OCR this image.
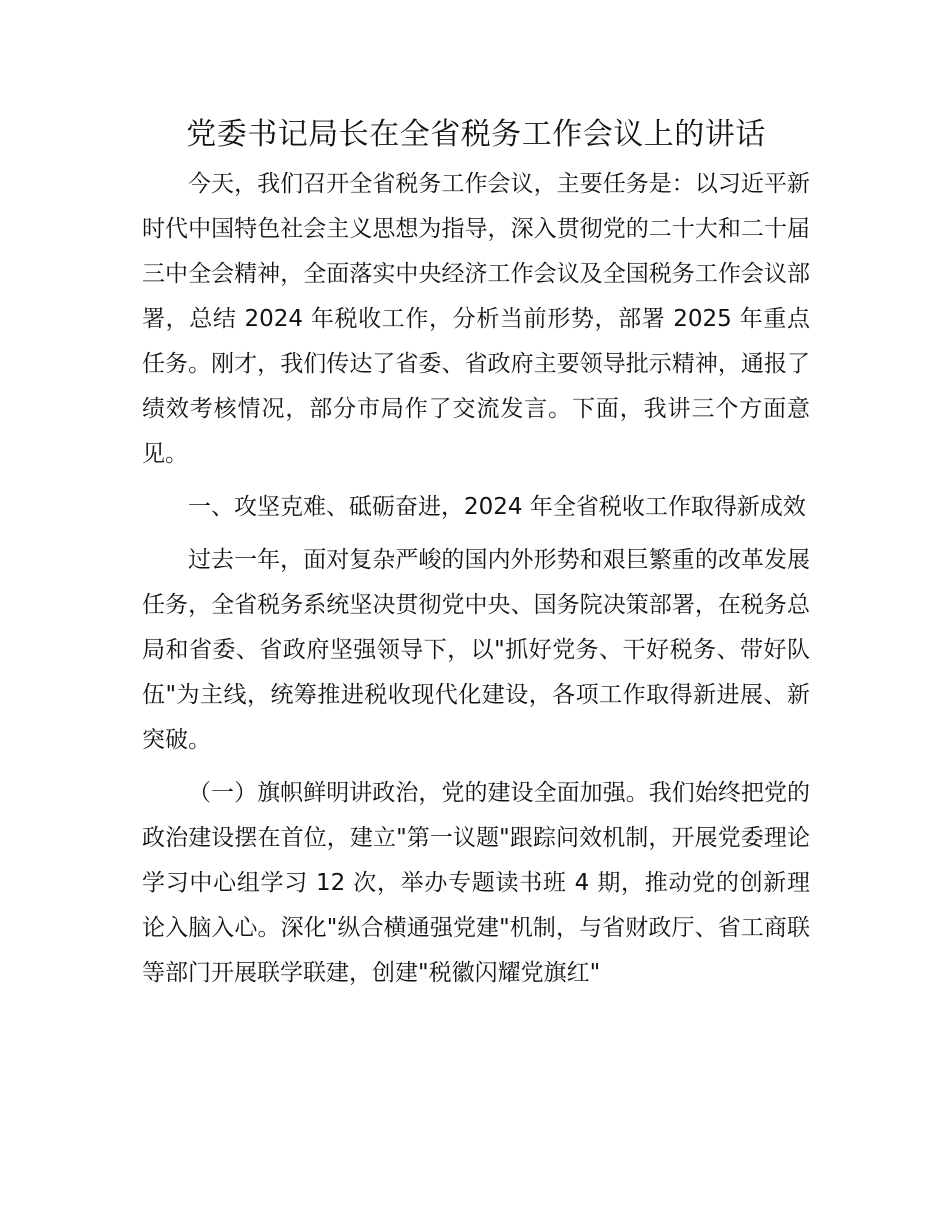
党委书记局长在全省税务工作会议上的讲话

今天，我们召开全省税务工作会议，主要任务是：以习近平新时代中国特色社会主义思想为指导，深入贯彻党的二十大和二十届三中全会精神，全面落实中央经济工作会议及全国税务工作会议部署，总结 2024 年税收工作，分析当前形势，部署 2025 年重点任务。刚才，我们传达了省委、省政府主要领导批示精神，通报了绩效考核情况，部分市局作了交流发言。下面，我讲三个方面意见。

一、攻坚克难、砥砺奋进，2024 年全省税收工作取得新成效

过去一年，面对复杂严峻的国内外形势和艰巨繁重的改革发展任务，全省税务系统坚决贯彻党中央、国务院决策部署，在税务总局和省委、省政府坚强领导下，以"抓好党务、干好税务、带好队伍"为主线，统筹推进税收现代化建设，各项工作取得新进展、新突破。

（一）旗帜鲜明讲政治，党的建设全面加强。我们始终把党的政治建设摆在首位，建立"第一议题"跟踪问效机制，开展党委理论学习中心组学习 12 次，举办专题读书班 4 期，推动党的创新理论入脑入心。深化"纵合横通强党建"机制，与省财政厅、省工商联等部门开展联学联建，创建"税徽闪耀党旗红"
